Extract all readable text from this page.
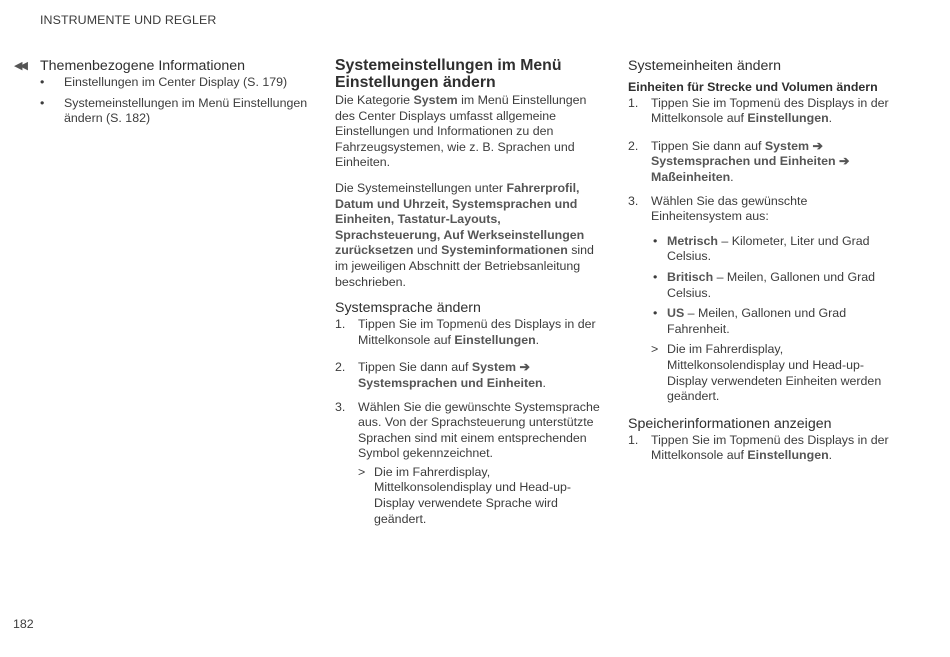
INSTRUMENTE UND REGLER
◀◀	Themenbezogene Informationen
•	Einstellungen im Center Display (S. 179)
•	Systemeinstellungen im Menü Einstellungen ändern (S. 182)
Systemeinstellungen im Menü
Einstellungen ändern

Die Kategorie System im Menü Einstellungen des Center Displays umfasst allgemeine Einstellungen und Informationen zu den Fahrzeugsystemen, wie z. B. Sprachen und Einheiten.

Die Systemeinstellungen unter Fahrerprofil, Datum und Uhrzeit, Systemsprachen und Einheiten, Tastatur-Layouts, Sprachsteuerung, Auf Werkseinstellungen zurücksetzen und Systeminformationen sind im jeweiligen Abschnitt der Betriebsanleitung beschrieben.

Systemsprache ändern
1.	Tippen Sie im Topmenü des Displays in der Mittelkonsole auf Einstellungen.
2.	Tippen Sie dann auf System ➔
Systemsprachen und Einheiten.
3.	Wählen Sie die gewünschte Systemsprache aus. Von der Sprachsteuerung unterstützte Sprachen sind mit einem entsprechenden Symbol gekennzeichnet.
> Die im Fahrerdisplay, Mittelkonsolendisplay und Head-up-Display verwendete Sprache wird geändert.
Systemeinheiten ändern
Einheiten für Strecke und Volumen ändern
1.	Tippen Sie im Topmenü des Displays in der Mittelkonsole auf Einstellungen.
2.	Tippen Sie dann auf System ➔
Systemsprachen und Einheiten ➔
Maßeinheiten.
3.	Wählen Sie das gewünschte Einheitensystem aus:
• Metrisch – Kilometer, Liter und Grad Celsius.
• Britisch – Meilen, Gallonen und Grad Celsius.
• US – Meilen, Gallonen und Grad Fahrenheit.
> Die im Fahrerdisplay, Mittelkonsolendisplay und Head-up-Display verwendeten Einheiten werden geändert.
Speicherinformationen anzeigen
1.	Tippen Sie im Topmenü des Displays in der Mittelkonsole auf Einstellungen.
182
